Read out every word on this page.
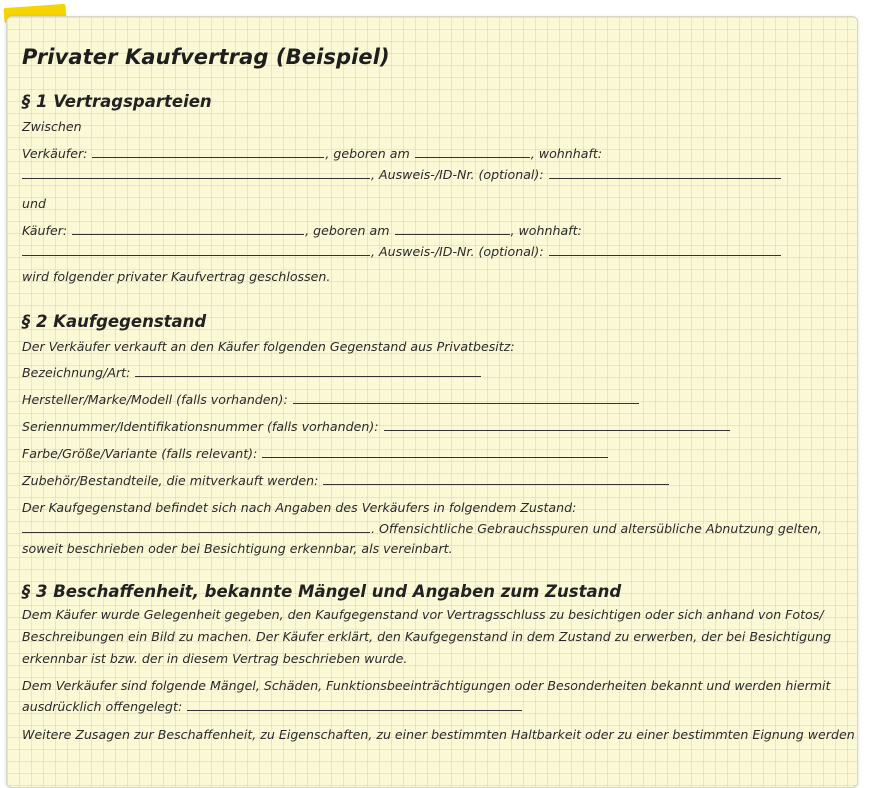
Privater Kaufvertrag (Beispiel)
§ 1 Vertragsparteien

Zwischen

Verkäufer:	, geboren am	, wohnhaft:

, Ausweis-/ID-Nr. (optional):

und

Käufer:	, geboren am	, wohnhaft:

, Ausweis-/ID-Nr. (optional):

wird folgender privater Kaufvertrag geschlossen.

§ 2 Kaufgegenstand

Der Verkäufer verkauft an den Käufer folgenden Gegenstand aus Privatbesitz:

Bezeichnung/Art:

Hersteller/Marke/Modell (falls vorhanden):

Seriennummer/Identifikationsnummer (falls vorhanden):

Farbe/Größe/Variante (falls relevant):

Zubehör/Bestandteile, die mitverkauft werden:

Der Kaufgegenstand befindet sich nach Angaben des Verkäufers in folgendem Zustand:

. Offensichtliche Gebrauchsspuren und altersübliche Abnutzung gelten,

soweit beschrieben oder bei Besichtigung erkennbar, als vereinbart.

§ 3 Beschaffenheit, bekannte Mängel und Angaben zum Zustand

Dem Käufer wurde Gelegenheit gegeben, den Kaufgegenstand vor Vertragsschluss zu besichtigen oder sich anhand von Fotos/

Beschreibungen ein Bild zu machen. Der Käufer erklärt, den Kaufgegenstand in dem Zustand zu erwerben, der bei Besichtigung

erkennbar ist bzw. der in diesem Vertrag beschrieben wurde.

Dem Verkäufer sind folgende Mängel, Schäden, Funktionsbeeinträchtigungen oder Besonderheiten bekannt und werden hiermit

ausdrücklich offengelegt:

Weitere Zusagen zur Beschaffenheit, zu Eigenschaften, zu einer bestimmten Haltbarkeit oder zu einer bestimmten Eignung werden
